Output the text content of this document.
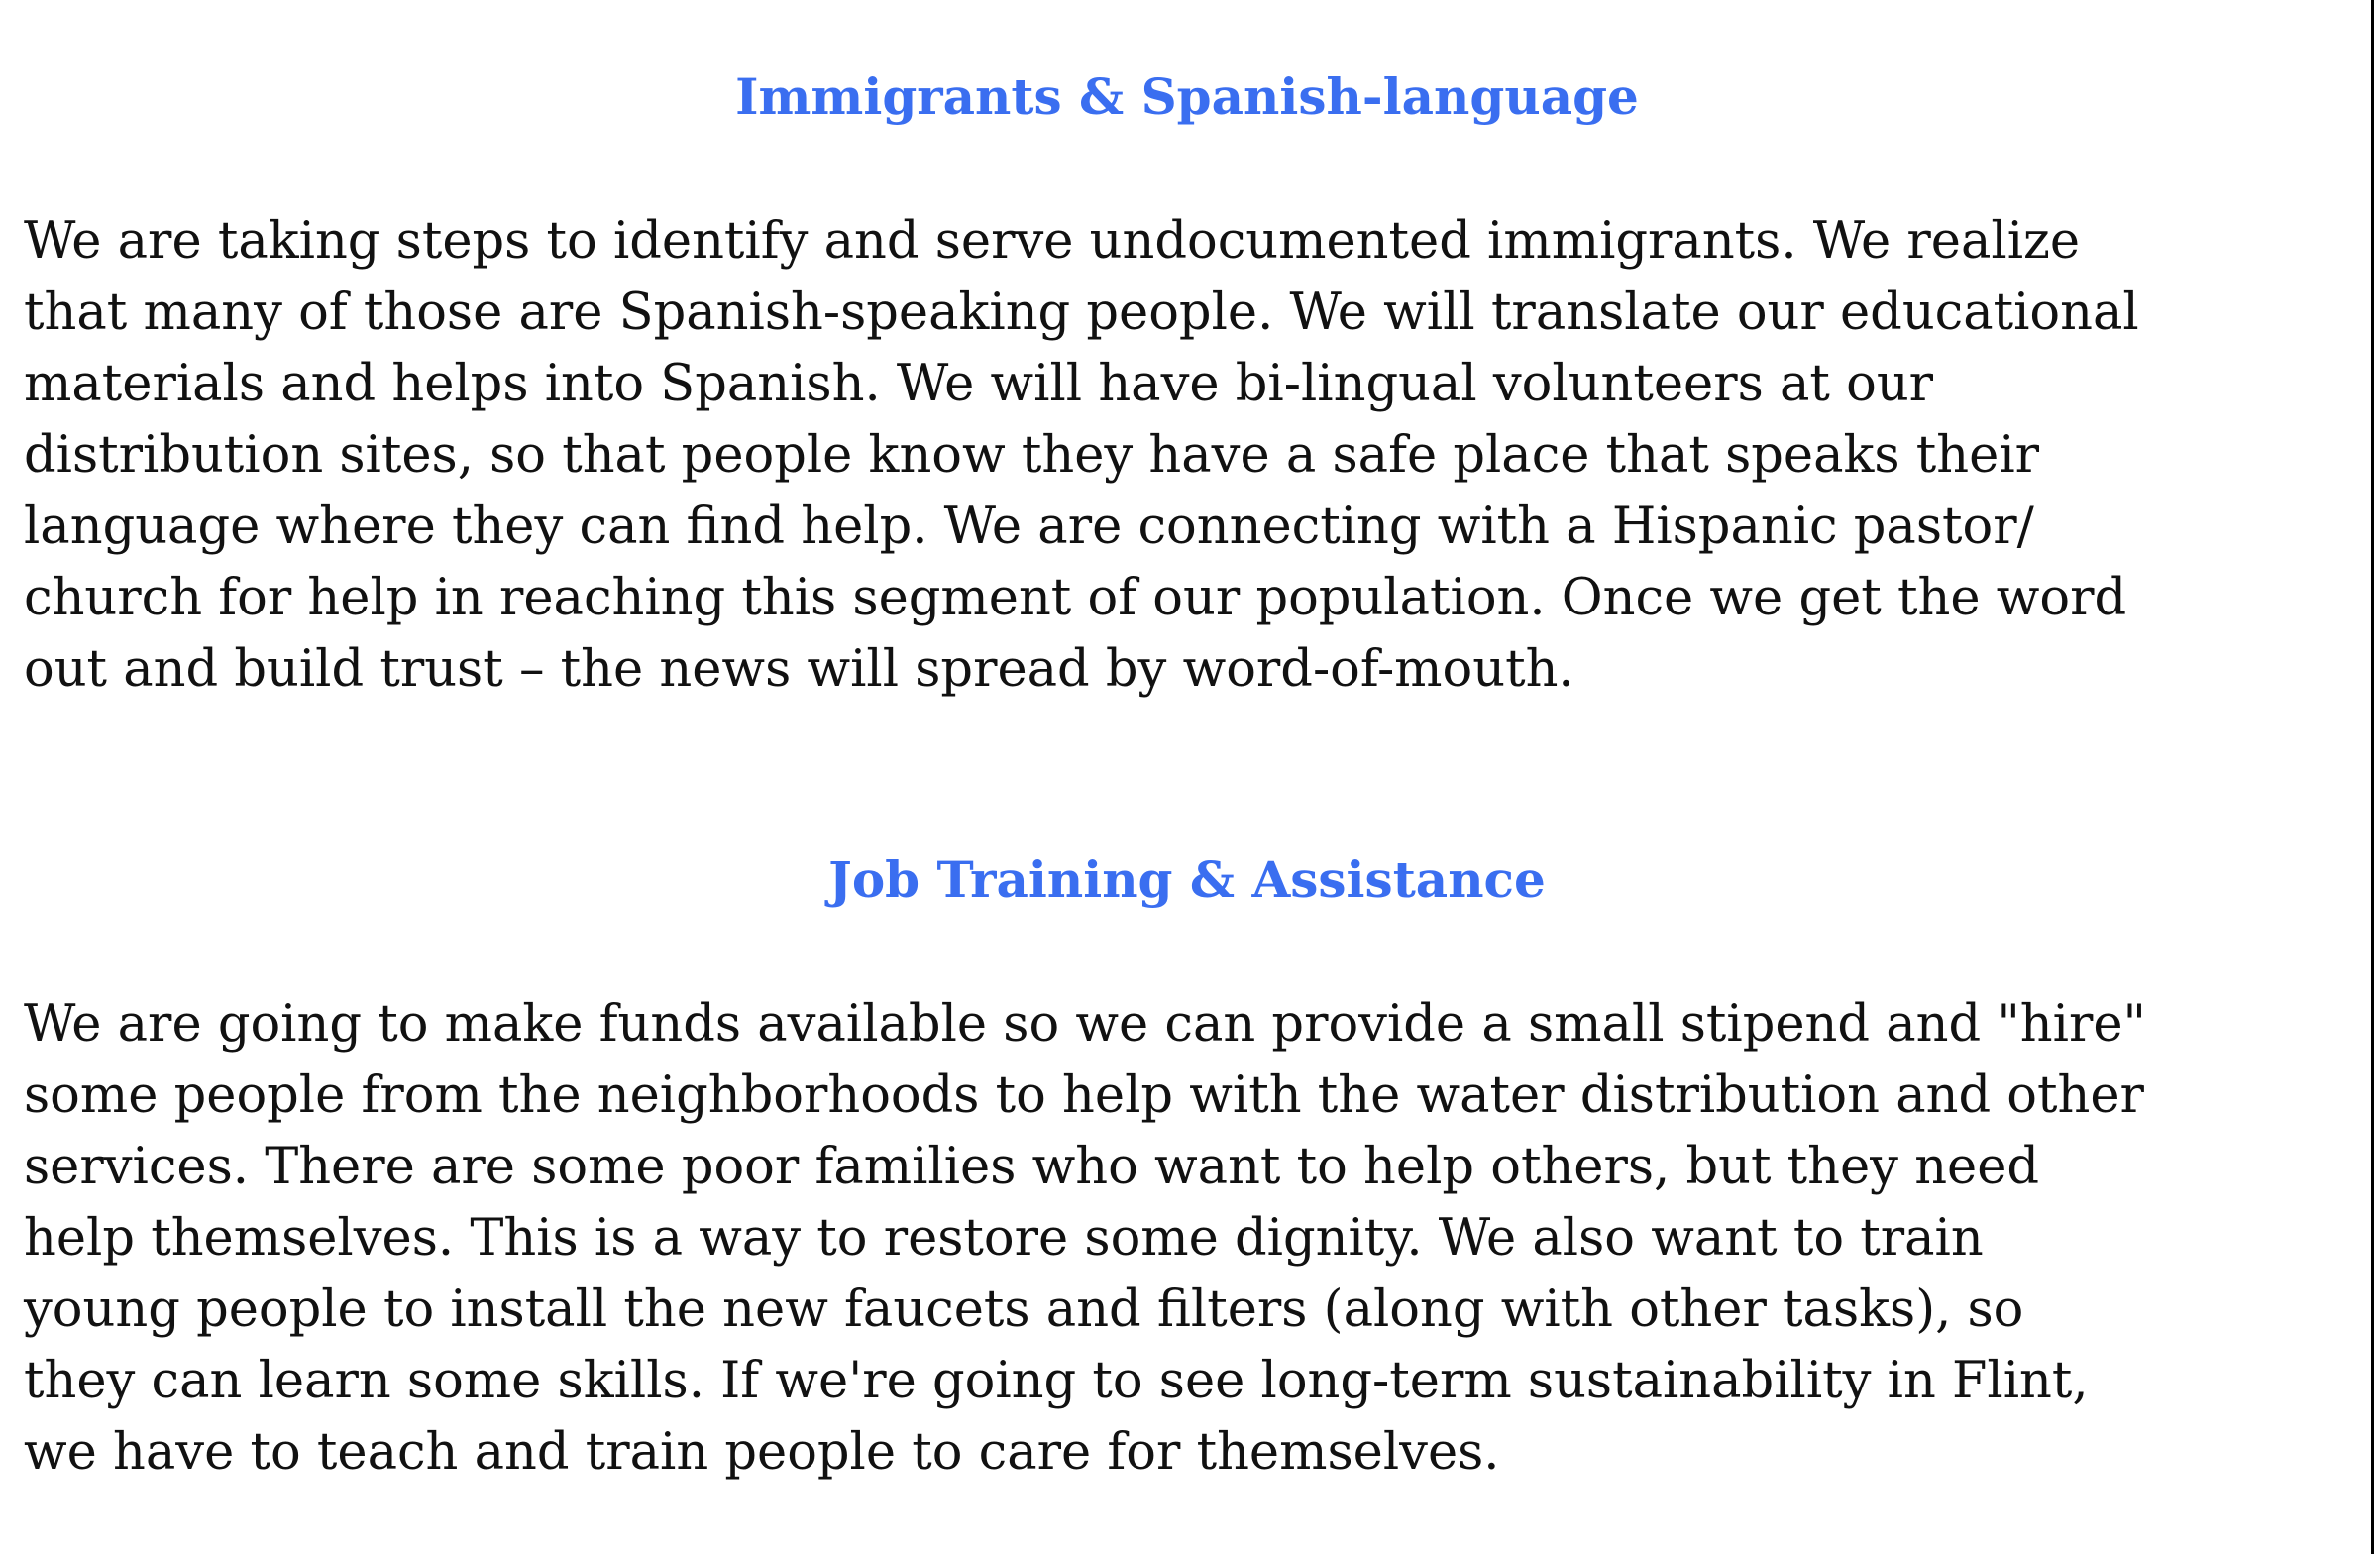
Immigrants & Spanish-language
We are taking steps to identify and serve undocumented immigrants. We realize
that many of those are Spanish-speaking people. We will translate our educational
materials and helps into Spanish. We will have bi-lingual volunteers at our
distribution sites, so that people know they have a safe place that speaks their
language where they can find help. We are connecting with a Hispanic pastor/
church for help in reaching this segment of our population. Once we get the word
out and build trust – the news will spread by word-of-mouth.
Job Training & Assistance
We are going to make funds available so we can provide a small stipend and "hire"
some people from the neighborhoods to help with the water distribution and other
services. There are some poor families who want to help others, but they need
help themselves. This is a way to restore some dignity. We also want to train
young people to install the new faucets and filters (along with other tasks), so
they can learn some skills. If we're going to see long-term sustainability in Flint,
we have to teach and train people to care for themselves.
